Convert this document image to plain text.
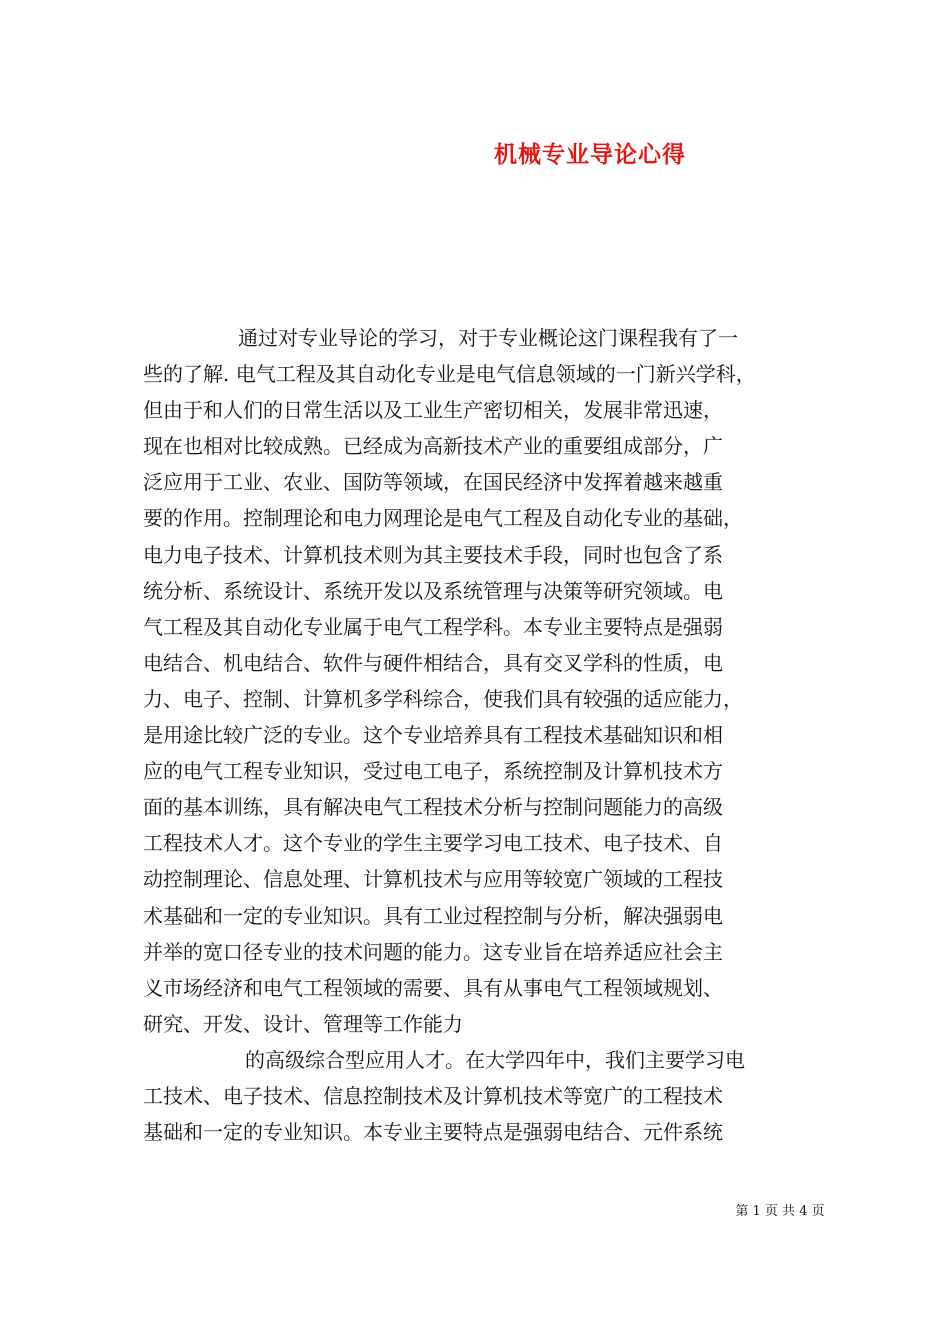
机械专业导论心得
通过对专业导论的学习，对于专业概论这门课程我有了一
些的了解. 电气工程及其自动化专业是电气信息领域的一门新兴学科，
但由于和人们的日常生活以及工业生产密切相关，发展非常迅速，
现在也相对比较成熟。已经成为高新技术产业的重要组成部分，广
泛应用于工业、农业、国防等领域，在国民经济中发挥着越来越重
要的作用。控制理论和电力网理论是电气工程及自动化专业的基础，
电力电子技术、计算机技术则为其主要技术手段，同时也包含了系
统分析、系统设计、系统开发以及系统管理与决策等研究领域。电
气工程及其自动化专业属于电气工程学科。本专业主要特点是强弱
电结合、机电结合、软件与硬件相结合，具有交叉学科的性质，电
力、电子、控制、计算机多学科综合，使我们具有较强的适应能力，
是用途比较广泛的专业。这个专业培养具有工程技术基础知识和相
应的电气工程专业知识，受过电工电子，系统控制及计算机技术方
面的基本训练，具有解决电气工程技术分析与控制问题能力的高级
工程技术人才。这个专业的学生主要学习电工技术、电子技术、自
动控制理论、信息处理、计算机技术与应用等较宽广领域的工程技
术基础和一定的专业知识。具有工业过程控制与分析，解决强弱电
并举的宽口径专业的技术问题的能力。这专业旨在培养适应社会主
义市场经济和电气工程领域的需要、具有从事电气工程领域规划、
研究、开发、设计、管理等工作能力
的高级综合型应用人才。在大学四年中，我们主要学习电
工技术、电子技术、信息控制技术及计算机技术等宽广的工程技术
基础和一定的专业知识。本专业主要特点是强弱电结合、元件系统
第 1 页 共 4 页
